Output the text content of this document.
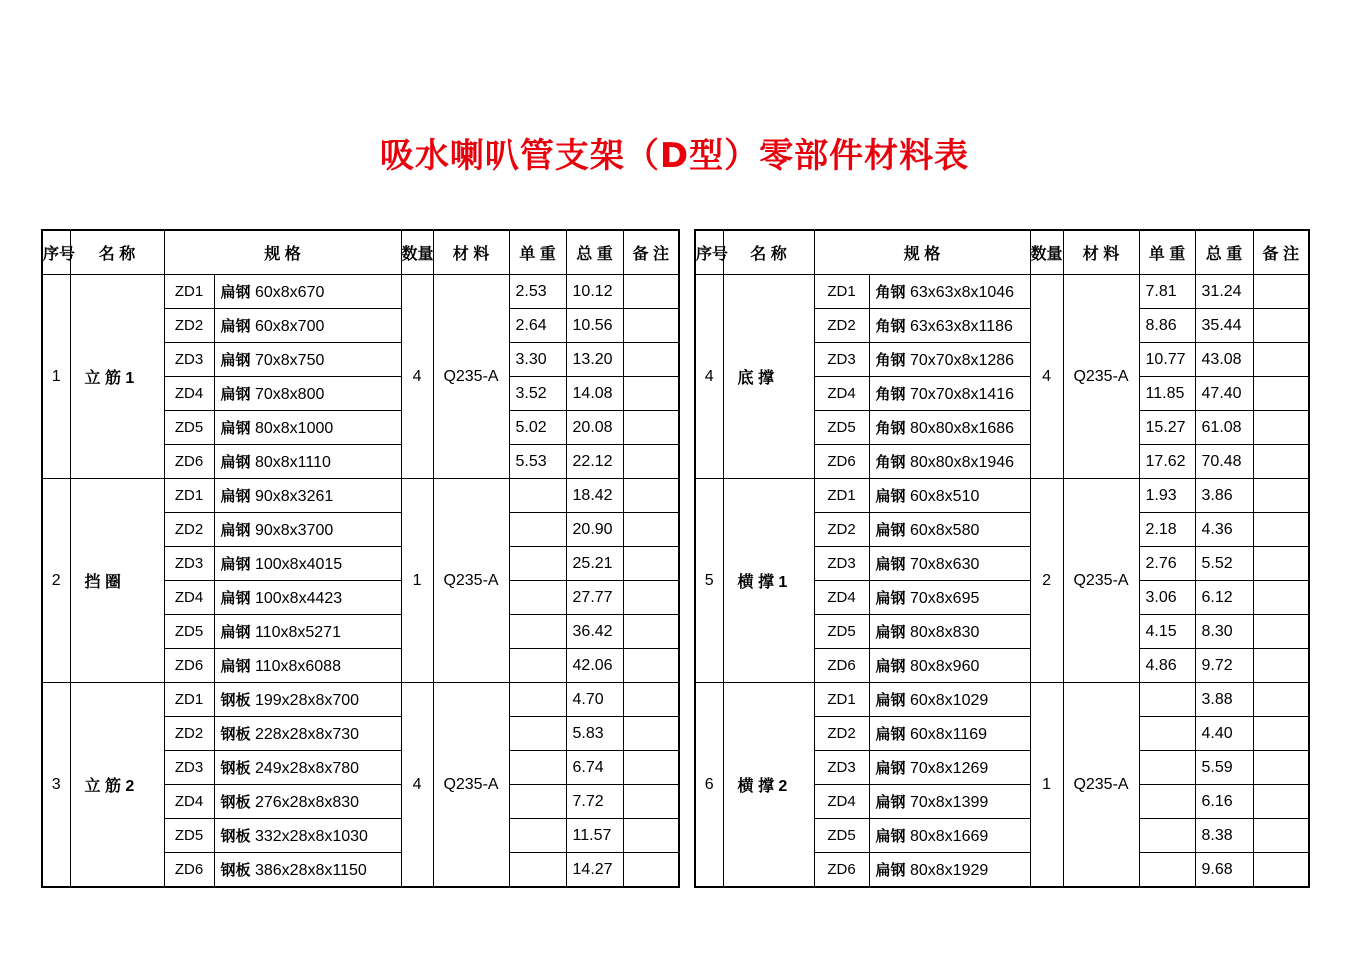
吸水喇叭管支架（D型）零部件材料表
序号	名 称	规 格		数量	材 料	单 重	总 重	备 注
1	立 筋 1	ZD1	扁钢 60x8x670	4	Q235-A	2.53	10.12	
		ZD2	扁钢 60x8x700			2.64	10.56	
		ZD3	扁钢 70x8x750			3.30	13.20	
		ZD4	扁钢 70x8x800			3.52	14.08	
		ZD5	扁钢 80x8x1000			5.02	20.08	
		ZD6	扁钢 80x8x1110			5.53	22.12	
2	挡 圈	ZD1	扁钢 90x8x3261	1	Q235-A		18.42	
		ZD2	扁钢 90x8x3700				20.90	
		ZD3	扁钢 100x8x4015				25.21	
		ZD4	扁钢 100x8x4423				27.77	
		ZD5	扁钢 110x8x5271				36.42	
		ZD6	扁钢 110x8x6088				42.06	
3	立 筋 2	ZD1	钢板 199x28x8x700	4	Q235-A		4.70	
		ZD2	钢板 228x28x8x730				5.83	
		ZD3	钢板 249x28x8x780				6.74	
		ZD4	钢板 276x28x8x830				7.72	
		ZD5	钢板 332x28x8x1030				11.57	
		ZD6	钢板 386x28x8x1150				14.27	
序号	名 称	规 格		数量	材 料	单 重	总 重	备 注
4	底 撑	ZD1	角钢 63x63x8x1046	4	Q235-A	7.81	31.24	
		ZD2	角钢 63x63x8x1186			8.86	35.44	
		ZD3	角钢 70x70x8x1286			10.77	43.08	
		ZD4	角钢 70x70x8x1416			11.85	47.40	
		ZD5	角钢 80x80x8x1686			15.27	61.08	
		ZD6	角钢 80x80x8x1946			17.62	70.48	
5	横 撑 1	ZD1	扁钢 60x8x510	2	Q235-A	1.93	3.86	
		ZD2	扁钢 60x8x580			2.18	4.36	
		ZD3	扁钢 70x8x630			2.76	5.52	
		ZD4	扁钢 70x8x695			3.06	6.12	
		ZD5	扁钢 80x8x830			4.15	8.30	
		ZD6	扁钢 80x8x960			4.86	9.72	
6	横 撑 2	ZD1	扁钢 60x8x1029	1	Q235-A		3.88	
		ZD2	扁钢 60x8x1169				4.40	
		ZD3	扁钢 70x8x1269				5.59	
		ZD4	扁钢 70x8x1399				6.16	
		ZD5	扁钢 80x8x1669				8.38	
		ZD6	扁钢 80x8x1929				9.68	
